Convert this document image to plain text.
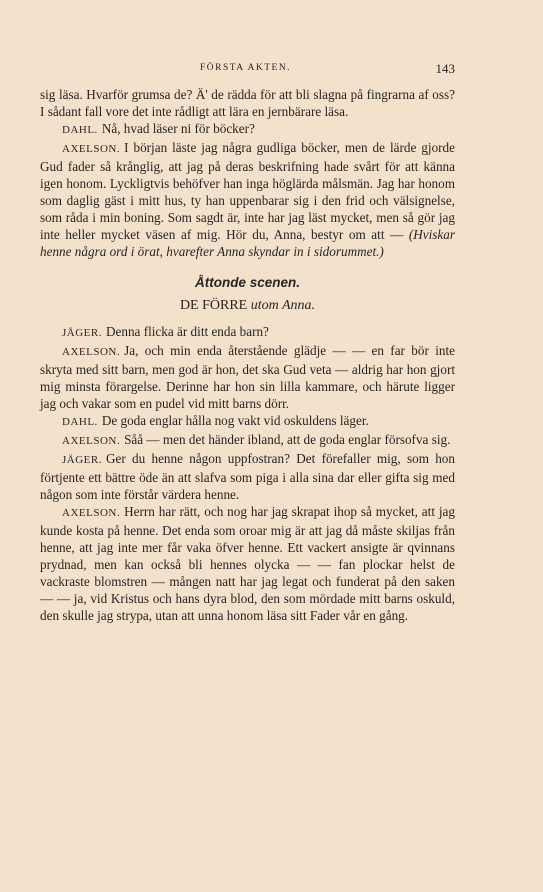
FÖRSTA AKTEN.	143

sig läsa. Hvarför grumsa de? Ä' de rädda för att bli slagna på fingrarna af oss? I sådant fall vore det inte rådligt att lära en jernbärare läsa.

DAHL. Nå, hvad läser ni för böcker?

AXELSON. I början läste jag några gudliga böcker, men de lärde gjorde Gud fader så krånglig, att jag på deras beskrifning hade svårt för att känna igen honom. Lyckligtvis behöfver han inga höglärda målsmän. Jag har honom som daglig gäst i mitt hus, ty han uppenbarar sig i den frid och välsignelse, som råda i min boning. Som sagdt är, inte har jag läst mycket, men så gör jag inte heller mycket väsen af mig. Hör du, Anna, bestyr om att — (Hviskar henne några ord i örat, hvarefter Anna skyndar in i sidorummet.)

Åttonde scenen.
DE FÖRRE utom Anna.

JÄGER. Denna flicka är ditt enda barn?

AXELSON. Ja, och min enda återstående glädje — — en far bör inte skryta med sitt barn, men god är hon, det ska Gud veta — aldrig har hon gjort mig minsta förargelse. Derinne har hon sin lilla kammare, och härute ligger jag och vakar som en pudel vid mitt barns dörr.

DAHL. De goda englar hålla nog vakt vid oskuldens läger.

AXELSON. Såå — men det händer ibland, att de goda englar försofva sig.

JÄGER. Ger du henne någon uppfostran? Det förefaller mig, som hon förtjente ett bättre öde än att slafva som piga i alla sina dar eller gifta sig med någon som inte förstår värdera henne.

AXELSON. Herrn har rätt, och nog har jag skrapat ihop så mycket, att jag kunde kosta på henne. Det enda som oroar mig är att jag då måste skiljas från henne, att jag inte mer får vaka öfver henne. Ett vackert ansigte är qvinnans prydnad, men kan också bli hennes olycka — — fan plockar helst de vackraste blomstren — mången natt har jag legat och funderat på den saken — — ja, vid Kristus och hans dyra blod, den som mördade mitt barns oskuld, den skulle jag strypa, utan att unna honom läsa sitt Fader vår en gång.
